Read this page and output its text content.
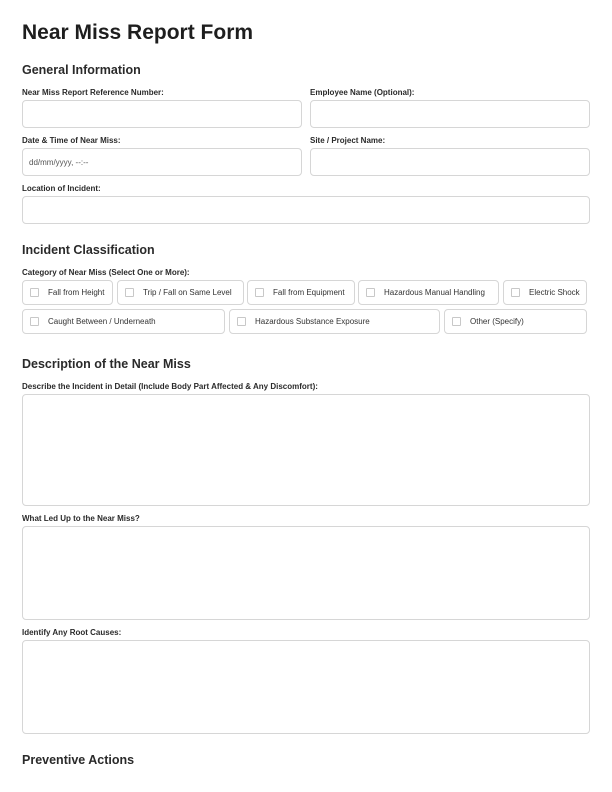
Near Miss Report Form
General Information
Near Miss Report Reference Number:	Employee Name (Optional):
Date & Time of Near Miss:
dd/mm/yyyy, --:--
Site / Project Name:
Location of Incident:
Incident Classification
Category of Near Miss (Select One or More):
Fall from Height	Trip / Fall on Same Level	Fall from Equipment	Hazardous Manual Handling	Electric Shock
Caught Between / Underneath	Hazardous Substance Exposure	Other (Specify)
Description of the Near Miss
Describe the Incident in Detail (Include Body Part Affected & Any Discomfort):
What Led Up to the Near Miss?
Identify Any Root Causes:
Preventive Actions
